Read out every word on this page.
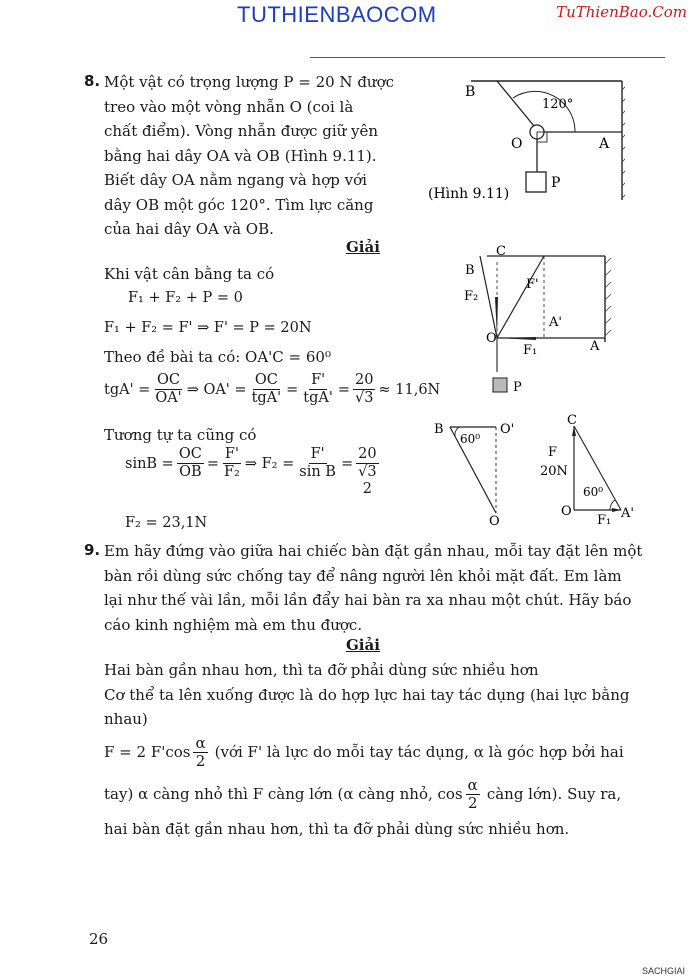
TUTHIENBAOCOM	TuThienBao.Com
8. Một vật có trọng lượng P = 20 N được
treo vào một vòng nhẫn O (coi là
chất điểm). Vòng nhẫn được giữ yên
bằng hai dây OA và OB (Hình 9.11).
Biết dây OA nằm ngang và hợp với
dây OB một góc 120°. Tìm lực căng
của hai dây OA và OB.
B
120°
O	A
P
(Hình 9.11)
Giải
Khi vật cân bằng ta có
F₁ + F₂ + P = 0
F₁ + F₂ = F' ⇒ F' = P = 20N
Theo đề bài ta có: OA'C = 60⁰
$tgA' = \frac{OC}{OA'}$ ⇒ $OA' = \frac{OC}{\text{tgA'}} = \frac{F'}{\text{tgA'}} = \frac{20}{√3} \approx 11,6N$
Tương tự ta cũng có
$\sin B = \frac{OC}{OB} = \frac{F'}{\text{F₂}}$ ⇒ $F_2 = \frac{F'}{\text{sin B}}$ =
20
√3
2
F₂ = 23,1N
C
B
F₂
F'
O
A'
F₁	A
P
B
60⁰
O'
O
C
F
20N
60⁰
O
F₁ A'
9. Em hãy đứng vào giữa hai chiếc bàn đặt gần nhau, mỗi tay đặt lên một
bàn rồi dùng sức chống tay để nâng người lên khỏi mặt đất. Em làm
lại như thế vài lần, mỗi lần đẩy hai bàn ra xa nhau một chút. Hãy báo
cáo kinh nghiệm mà em thu được.
Giải
Hai bàn gần nhau hơn, thì ta đỡ phải dùng sức nhiều hơn
Cơ thể ta lên xuống được là do hợp lực hai tay tác dụng (hai lực bằng
nhau)
F = 2 $F'\cos \frac{\alpha}{2}$ (với F' là lực do mỗi tay tác dụng, α là góc hợp bởi hai
tay) α càng nhỏ thì F càng lớn (α càng nhỏ, $\cos \frac{\alpha}{2}$ càng lớn). Suy ra,
hai bàn đặt gần nhau hơn, thì ta đỡ phải dùng sức nhiều hơn.
26
SACHGIAI
